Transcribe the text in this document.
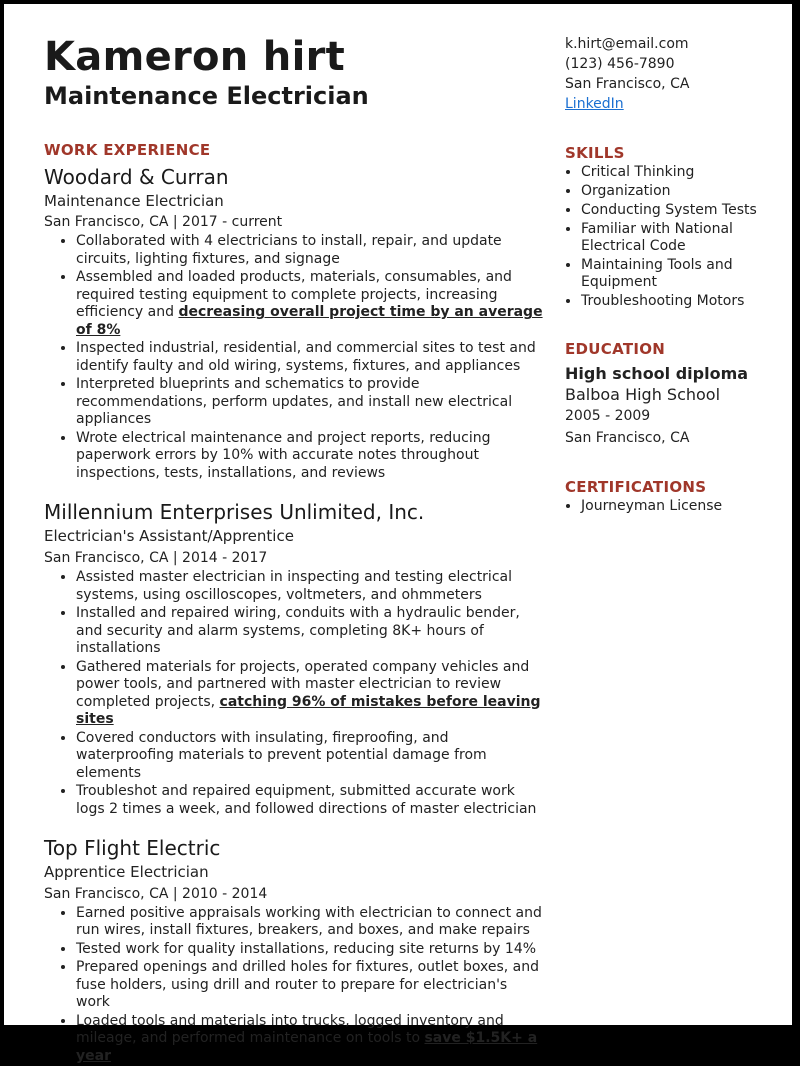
Kameron hirt
Maintenance Electrician
WORK EXPERIENCE
Woodard & Curran
Maintenance Electrician
San Francisco, CA | 2017 - current
• Collaborated with 4 electricians to install, repair, and update circuits, lighting fixtures, and signage
• Assembled and loaded products, materials, consumables, and required testing equipment to complete projects, increasing efficiency and decreasing overall project time by an average of 8%
• Inspected industrial, residential, and commercial sites to test and identify faulty and old wiring, systems, fixtures, and appliances
• Interpreted blueprints and schematics to provide recommendations, perform updates, and install new electrical appliances
• Wrote electrical maintenance and project reports, reducing paperwork errors by 10% with accurate notes throughout inspections, tests, installations, and reviews
Millennium Enterprises Unlimited, Inc.
Electrician's Assistant/Apprentice
San Francisco, CA | 2014 - 2017
• Assisted master electrician in inspecting and testing electrical systems, using oscilloscopes, voltmeters, and ohmmeters
• Installed and repaired wiring, conduits with a hydraulic bender, and security and alarm systems, completing 8K+ hours of installations
• Gathered materials for projects, operated company vehicles and power tools, and partnered with master electrician to review completed projects, catching 96% of mistakes before leaving sites
• Covered conductors with insulating, fireproofing, and waterproofing materials to prevent potential damage from elements
• Troubleshot and repaired equipment, submitted accurate work logs 2 times a week, and followed directions of master electrician
Top Flight Electric
Apprentice Electrician
San Francisco, CA | 2010 - 2014
• Earned positive appraisals working with electrician to connect and run wires, install fixtures, breakers, and boxes, and make repairs
• Tested work for quality installations, reducing site returns by 14%
• Prepared openings and drilled holes for fixtures, outlet boxes, and fuse holders, using drill and router to prepare for electrician's work
• Loaded tools and materials into trucks, logged inventory and mileage, and performed maintenance on tools to save $1.5K+ a year
k.hirt@email.com
(123) 456-7890
San Francisco, CA
LinkedIn
SKILLS
• Critical Thinking
• Organization
• Conducting System Tests
• Familiar with National Electrical Code
• Maintaining Tools and Equipment
• Troubleshooting Motors
EDUCATION
High school diploma
Balboa High School
2005 - 2009
San Francisco, CA
CERTIFICATIONS
• Journeyman License
